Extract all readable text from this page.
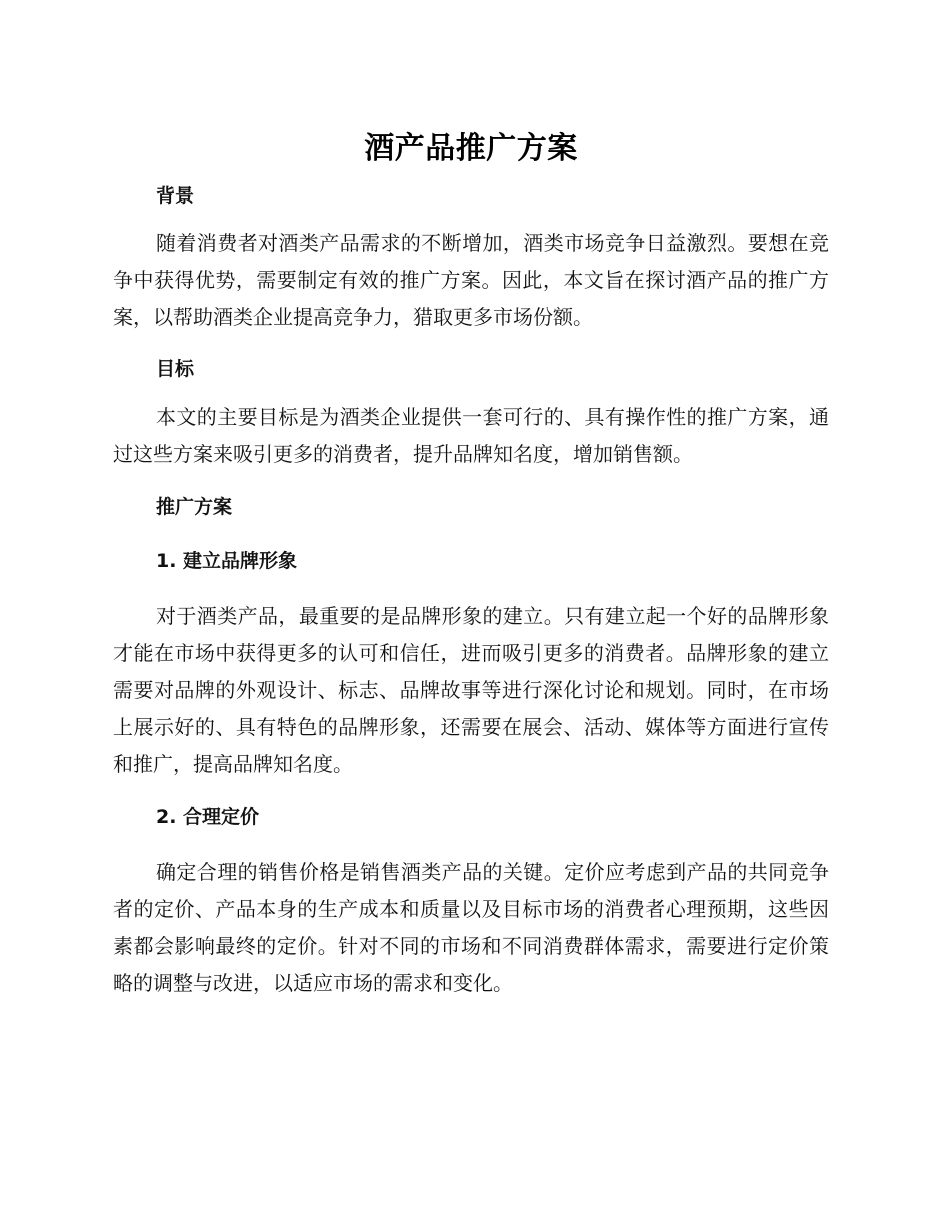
酒产品推广方案
背景

随着消费者对酒类产品需求的不断增加，酒类市场竞争日益激烈。要想在竞争中获得优势，需要制定有效的推广方案。因此，本文旨在探讨酒产品的推广方案，以帮助酒类企业提高竞争力，猎取更多市场份额。

目标

本文的主要目标是为酒类企业提供一套可行的、具有操作性的推广方案，通过这些方案来吸引更多的消费者，提升品牌知名度，增加销售额。

推广方案
1. 建立品牌形象

对于酒类产品，最重要的是品牌形象的建立。只有建立起一个好的品牌形象才能在市场中获得更多的认可和信任，进而吸引更多的消费者。品牌形象的建立需要对品牌的外观设计、标志、品牌故事等进行深化讨论和规划。同时，在市场上展示好的、具有特色的品牌形象，还需要在展会、活动、媒体等方面进行宣传和推广，提高品牌知名度。

2. 合理定价

确定合理的销售价格是销售酒类产品的关键。定价应考虑到产品的共同竞争者的定价、产品本身的生产成本和质量以及目标市场的消费者心理预期，这些因素都会影响最终的定价。针对不同的市场和不同消费群体需求，需要进行定价策略的调整与改进，以适应市场的需求和变化。
